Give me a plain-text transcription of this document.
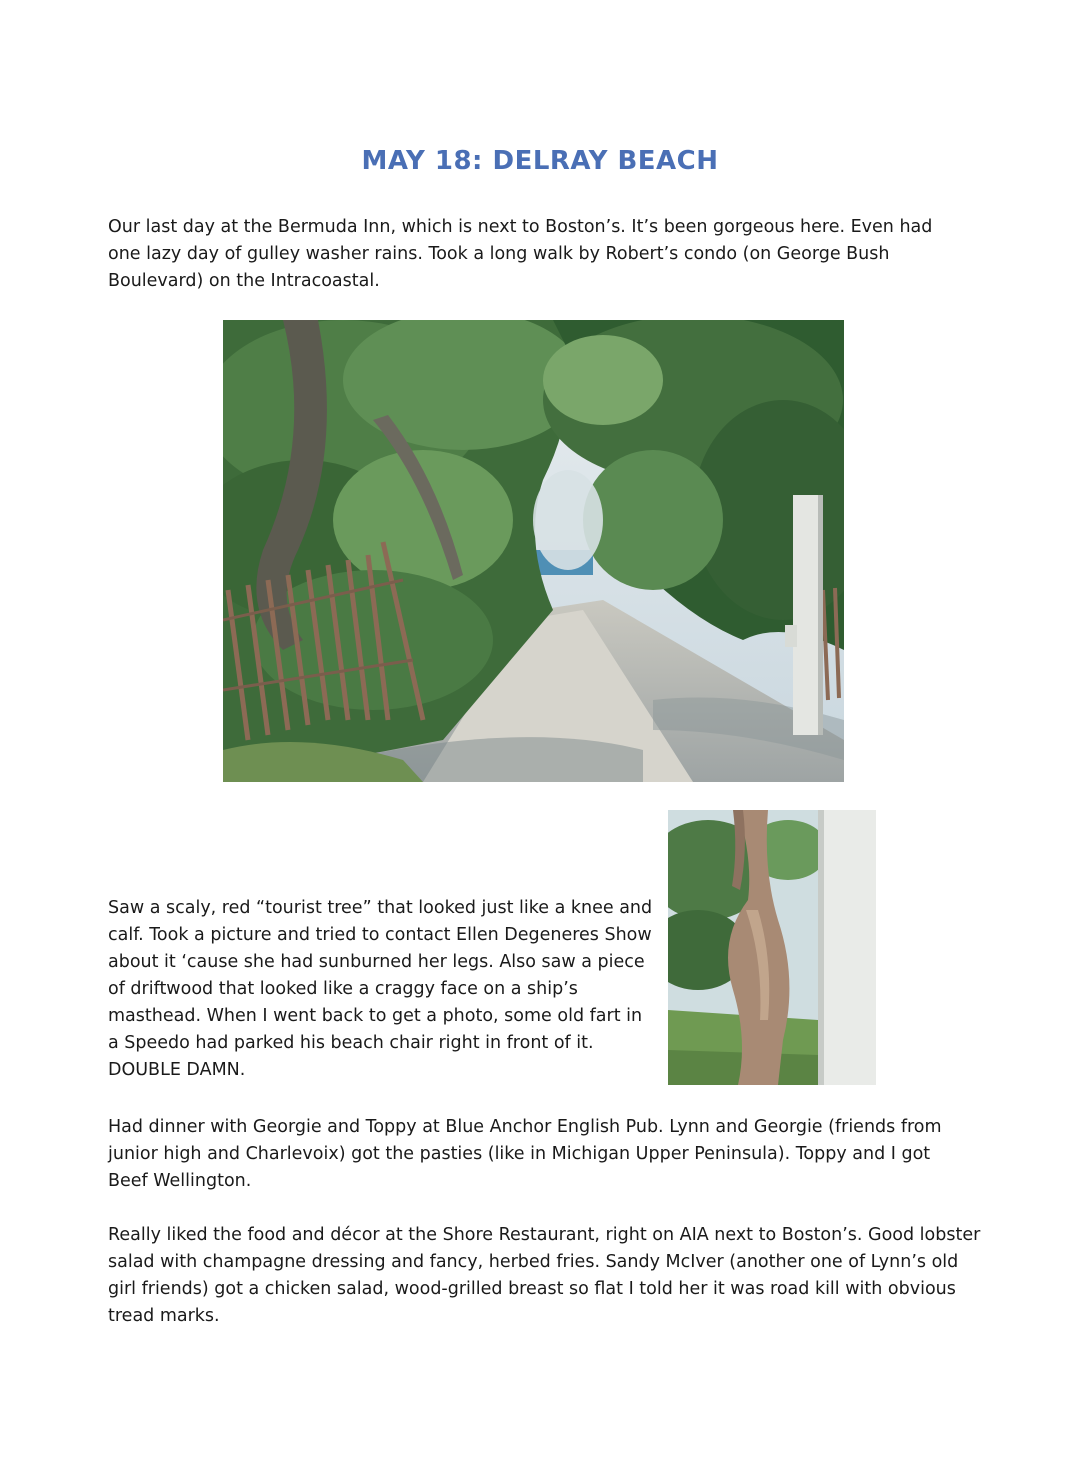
MAY 18: DELRAY BEACH

Our last day at the Bermuda Inn, which is next to Boston’s. It’s been gorgeous here. Even had one lazy day of gulley washer rains. Took a long walk by Robert’s condo (on George Bush Boulevard) on the Intracoastal.

Saw a scaly, red “tourist tree” that looked just like a knee and calf. Took a picture and tried to contact Ellen Degeneres Show about it ‘cause she had sunburned her legs. Also saw a piece of driftwood that looked like a craggy face on a ship’s masthead. When I went back to get a photo, some old fart in a Speedo had parked his beach chair right in front of it. DOUBLE DAMN.

Had dinner with Georgie and Toppy at Blue Anchor English Pub. Lynn and Georgie (friends from junior high and Charlevoix) got the pasties (like in Michigan Upper Peninsula). Toppy and I got Beef Wellington.

Really liked the food and décor at the Shore Restaurant, right on AIA next to Boston’s. Good lobster salad with champagne dressing and fancy, herbed fries. Sandy McIver (another one of Lynn’s old girl friends) got a chicken salad, wood-grilled breast so flat I told her it was road kill with obvious tread marks.
